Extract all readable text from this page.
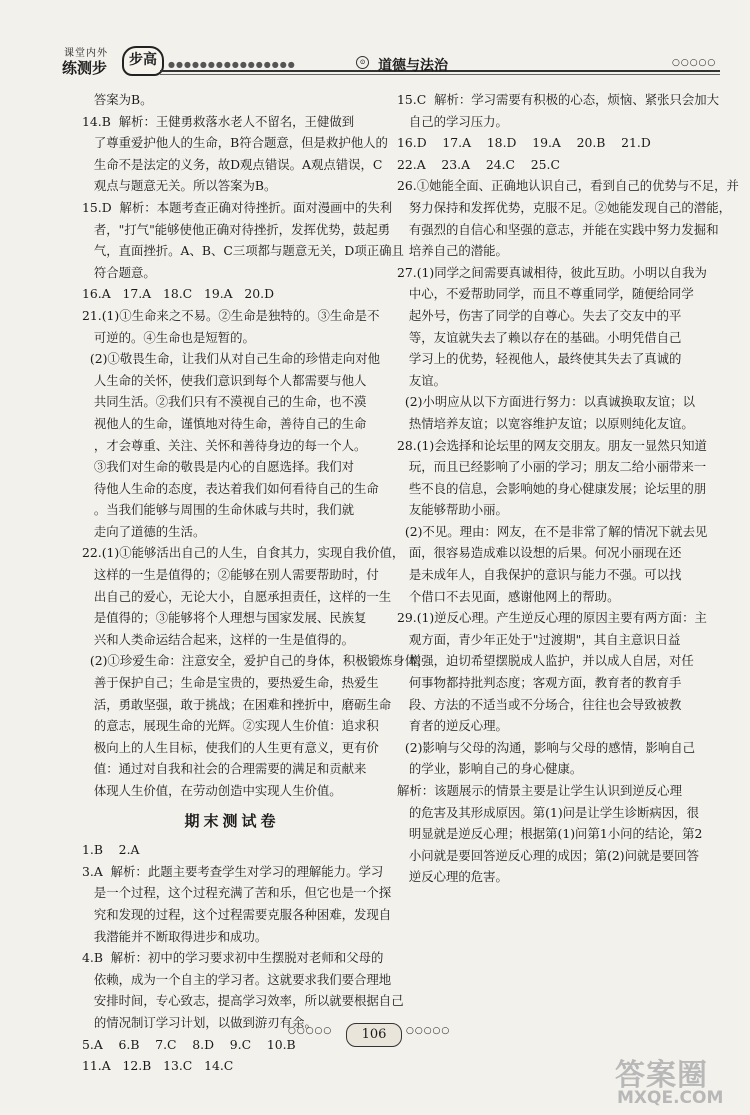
课堂内外
练测步	步高	●●●●●●●●●●●●●●●●	⊙ 道德与法治	○○○○○

答案为B。

14.B  解析：王健勇救落水老人不留名，王健做到

了尊重爱护他人的生命，B符合题意，但是救护他人的

生命不是法定的义务，故D观点错误。A观点错误，C

观点与题意无关。所以答案为B。

15.D  解析：本题考查正确对待挫折。面对漫画中的失利

者，"打气"能够使他正确对待挫折，发挥优势，鼓起勇

气，直面挫折。A、B、C三项都与题意无关，D项正确且

符合题意。

16.A   17.A   18.C   19.A   20.D

21.(1)①生命来之不易。②生命是独特的。③生命是不

可逆的。④生命也是短暂的。

(2)①敬畏生命，让我们从对自己生命的珍惜走向对他

人生命的关怀，使我们意识到每个人都需要与他人

共同生活。②我们只有不漠视自己的生命，也不漠

视他人的生命，谨慎地对待生命，善待自己的生命

，才会尊重、关注、关怀和善待身边的每一个人。

③我们对生命的敬畏是内心的自愿选择。我们对

待他人生命的态度，表达着我们如何看待自己的生命

。当我们能够与周围的生命休戚与共时，我们就

走向了道德的生活。

22.(1)①能够活出自己的人生，自食其力，实现自我价值，

这样的一生是值得的；②能够在别人需要帮助时，付

出自己的爱心，无论大小，自愿承担责任，这样的一生

是值得的；③能够将个人理想与国家发展、民族复

兴和人类命运结合起来，这样的一生是值得的。

(2)①珍爱生命：注意安全，爱护自己的身体，积极锻炼身体，

善于保护自己；生命是宝贵的，要热爱生命，热爱生

活，勇敢坚强，敢于挑战；在困难和挫折中，磨砺生命

的意志，展现生命的光辉。②实现人生价值：追求积

极向上的人生目标，使我们的人生更有意义，更有价

值：通过对自我和社会的合理需要的满足和贡献来

体现人生价值，在劳动创造中实现人生价值。

期末测试卷

1.B    2.A

3.A  解析：此题主要考查学生对学习的理解能力。学习

是一个过程，这个过程充满了苦和乐，但它也是一个探

究和发现的过程，这个过程需要克服各种困难，发现自

我潜能并不断取得进步和成功。

4.B  解析：初中的学习要求初中生摆脱对老师和父母的

依赖，成为一个自主的学习者。这就要求我们要合理地

安排时间，专心致志，提高学习效率，所以就要根据自己

的情况制订学习计划，以做到游刃有余。

5.A    6.B    7.C    8.D    9.C    10.B

11.A   12.B   13.C   14.C

15.C  解析：学习需要有积极的心态，烦恼、紧张只会加大

自己的学习压力。

16.D    17.A    18.D    19.A    20.B    21.D

22.A    23.A    24.C    25.C

26.①她能全面、正确地认识自己，看到自己的优势与不足，并

努力保持和发挥优势，克服不足。②她能发现自己的潜能，

有强烈的自信心和坚强的意志，并能在实践中努力发掘和

培养自己的潜能。

27.(1)同学之间需要真诚相待，彼此互助。小明以自我为

中心，不爱帮助同学，而且不尊重同学，随便给同学

起外号，伤害了同学的自尊心。失去了交友中的平

等，友谊就失去了赖以存在的基础。小明凭借自己

学习上的优势，轻视他人，最终使其失去了真诚的

友谊。

(2)小明应从以下方面进行努力：以真诚换取友谊；以

热情培养友谊；以宽容维护友谊；以原则纯化友谊。

28.(1)会选择和论坛里的网友交朋友。朋友一显然只知道

玩，而且已经影响了小丽的学习；朋友二给小丽带来一

些不良的信息，会影响她的身心健康发展；论坛里的朋

友能够帮助小丽。

(2)不见。理由：网友，在不是非常了解的情况下就去见

面，很容易造成难以设想的后果。何况小丽现在还

是未成年人，自我保护的意识与能力不强。可以找

个借口不去见面，感谢他网上的帮助。

29.(1)逆反心理。产生逆反心理的原因主要有两方面：主

观方面，青少年正处于"过渡期"，其自主意识日益

增强，迫切希望摆脱成人监护，并以成人自居，对任

何事物都持批判态度；客观方面，教育者的教育手

段、方法的不适当或不分场合，往往也会导致被教

育者的逆反心理。

(2)影响与父母的沟通，影响与父母的感情，影响自己

的学业，影响自己的身心健康。

解析：该题展示的情景主要是让学生认识到逆反心理

的危害及其形成原因。第(1)问是让学生诊断病因，很

明显就是逆反心理；根据第(1)问第1小问的结论，第2

小问就是要回答逆反心理的成因；第(2)问就是要回答

逆反心理的危害。

○○○○○	106	○○○○○
答案圈
MXQE.COM
